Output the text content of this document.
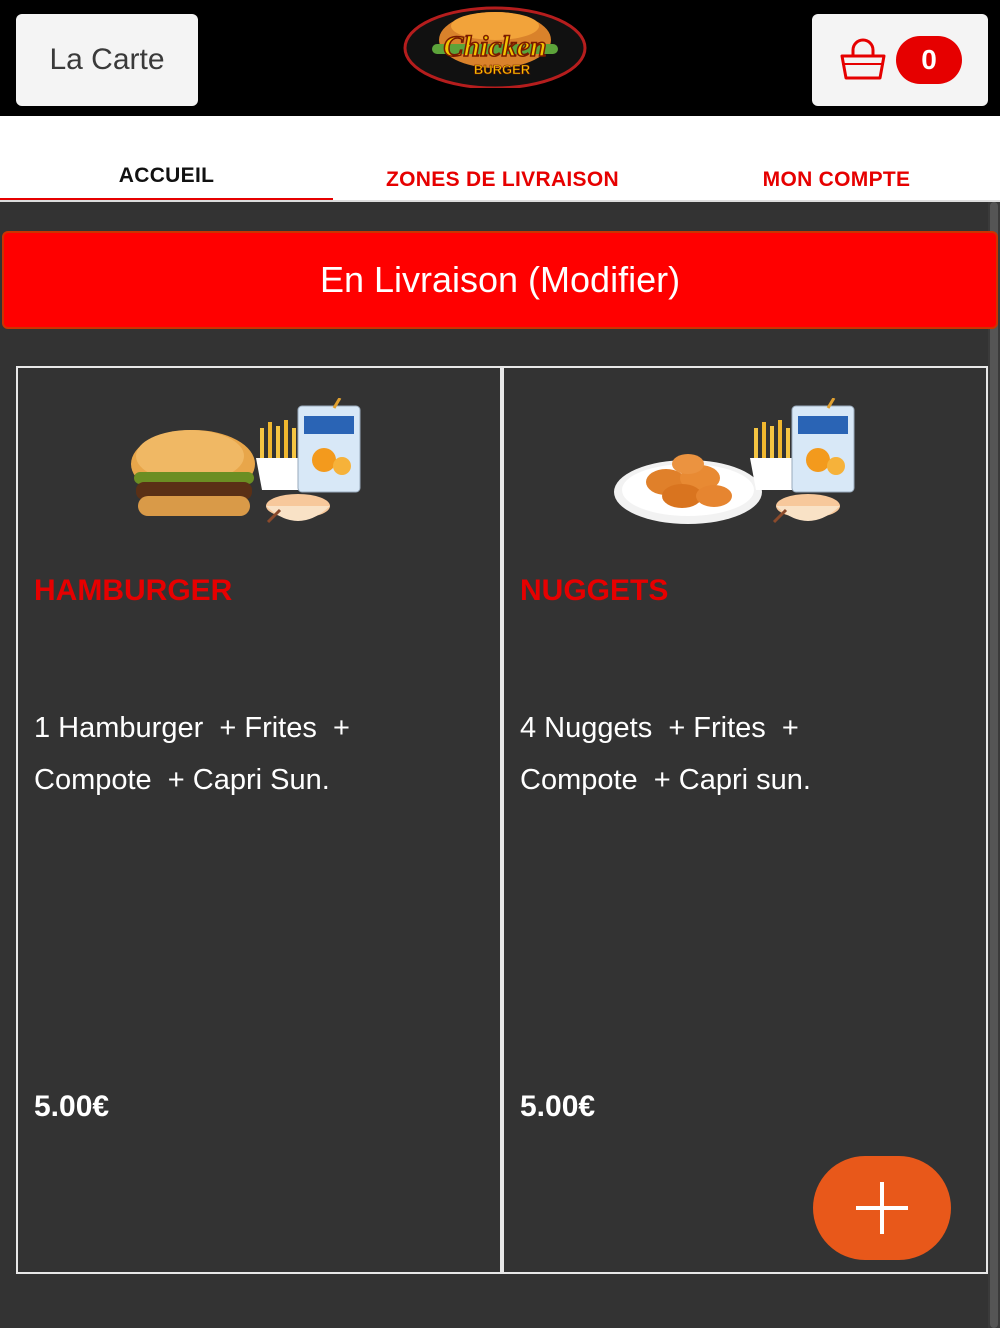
La Carte	Chicken
BURGER	0
ACCUEIL	ZONES DE LIVRAISON	MON COMPTE
En Livraison (Modifier)
HAMBURGER
1 Hamburger  + Frites  +
Compote  + Capri Sun.
5.00€
NUGGETS
4 Nuggets  + Frites  +
Compote  + Capri sun.
5.00€
